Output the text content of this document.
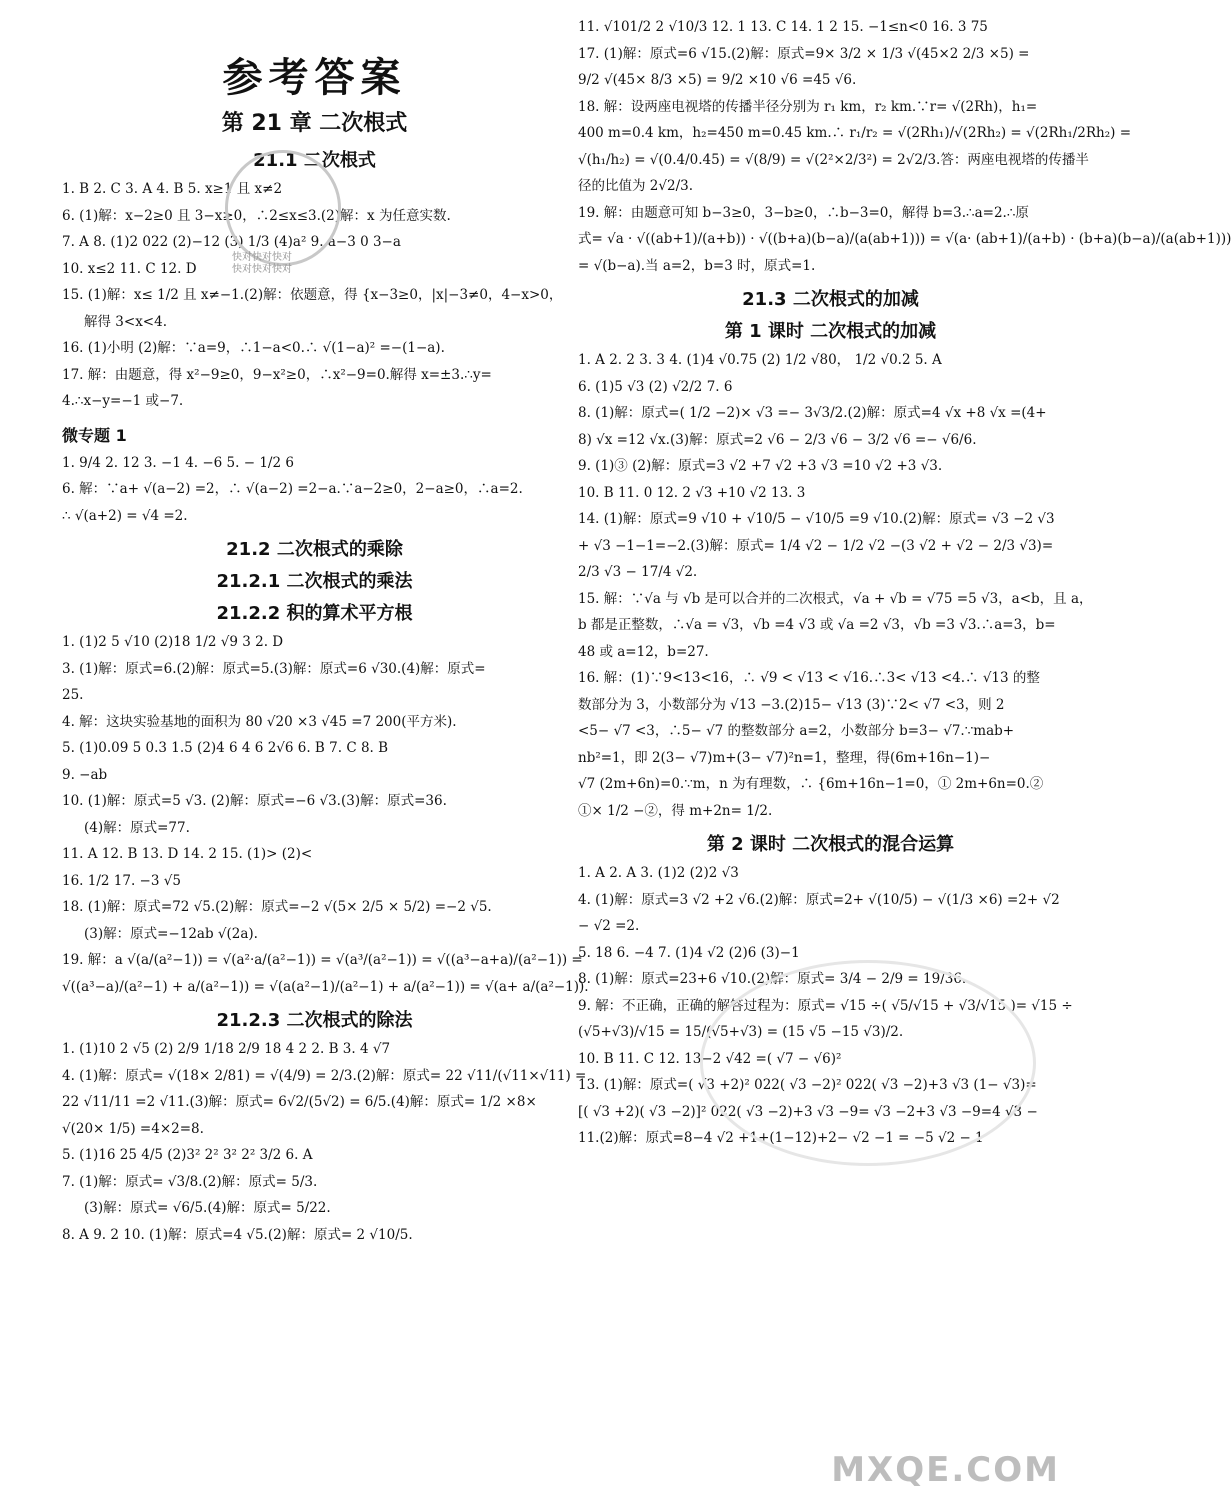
参考答案
第 21 章 二次根式
21.1 二次根式
1. B 2. C 3. A 4. B 5. x≥1 且 x≠2
6. (1)解：x−2≥0 且 3−x≥0，∴2≤x≤3.(2)解：x 为任意实数.
7. A 8. (1)2 022 (2)−12 (3) 1/3 (4)a² 9. a−3 0 3−a
10. x≤2 11. C 12. D
15. (1)解：x≤ 1/2 且 x≠−1.(2)解：依题意，得 {x−3≥0，|x|−3≠0，4−x>0，
解得 3<x<4.
16. (1)小明 (2)解：∵a=9，∴1−a<0.∴ √(1−a)² =−(1−a).
17. 解：由题意，得 x²−9≥0，9−x²≥0，∴x²−9=0.解得 x=±3.∴y=
4.∴x−y=−1 或−7.
微专题 1
1. 9/4 2. 12 3. −1 4. −6 5. − 1/2 6
6. 解：∵a+ √(a−2) =2，∴ √(a−2) =2−a.∵a−2≥0，2−a≥0，∴a=2.
∴ √(a+2) = √4 =2.
21.2 二次根式的乘除
21.2.1 二次根式的乘法
21.2.2 积的算术平方根
1. (1)2 5 √10 (2)18 1/2 √9 3 2. D
3. (1)解：原式=6.(2)解：原式=5.(3)解：原式=6 √30.(4)解：原式=
25.
4. 解：这块实验基地的面积为 80 √20 ×3 √45 =7 200(平方米).
5. (1)0.09 5 0.3 1.5 (2)4 6 4 6 2√6 6. B 7. C 8. B
9. −ab
10. (1)解：原式=5 √3. (2)解：原式=−6 √3.(3)解：原式=36.
(4)解：原式=77.
11. A 12. B 13. D 14. 2 15. (1)> (2)<
16. 1/2 17. −3 √5
18. (1)解：原式=72 √5.(2)解：原式=−2 √(5× 2/5 × 5/2) =−2 √5.
(3)解：原式=−12ab √(2a).
19. 解：a √(a/(a²−1)) = √(a²·a/(a²−1)) = √(a³/(a²−1)) = √((a³−a+a)/(a²−1)) =
√((a³−a)/(a²−1) + a/(a²−1)) = √(a(a²−1)/(a²−1) + a/(a²−1)) = √(a+ a/(a²−1)).
21.2.3 二次根式的除法
1. (1)10 2 √5 (2) 2/9 1/18 2/9 18 4 2 2. B 3. 4 √7
4. (1)解：原式= √(18× 2/81) = √(4/9) = 2/3.(2)解：原式= 22 √11/(√11×√11) =
22 √11/11 =2 √11.(3)解：原式= 6√2/(5√2) = 6/5.(4)解：原式= 1/2 ×8×
√(20× 1/5) =4×2=8.
5. (1)16 25 4/5 (2)3² 2² 3² 2² 3/2 6. A
7. (1)解：原式= √3/8.(2)解：原式= 5/3.
(3)解：原式= √6/5.(4)解：原式= 5/22.
8. A 9. 2 10. (1)解：原式=4 √5.(2)解：原式= 2 √10/5.
11. √101/2 2 √10/3 12. 1 13. C 14. 1 2 15. −1≤n<0 16. 3 75
17. (1)解：原式=6 √15.(2)解：原式=9× 3/2 × 1/3 √(45×2 2/3 ×5) =
9/2 √(45× 8/3 ×5) = 9/2 ×10 √6 =45 √6.
18. 解：设两座电视塔的传播半径分别为 r₁ km，r₂ km.∵r= √(2Rh)，h₁=
400 m=0.4 km，h₂=450 m=0.45 km.∴ r₁/r₂ = √(2Rh₁)/√(2Rh₂) = √(2Rh₁/2Rh₂) =
√(h₁/h₂) = √(0.4/0.45) = √(8/9) = √(2²×2/3²) = 2√2/3.答：两座电视塔的传播半
径的比值为 2√2/3.
19. 解：由题意可知 b−3≥0，3−b≥0，∴b−3=0，解得 b=3.∴a=2.∴原
式= √a · √((ab+1)/(a+b)) · √((b+a)(b−a)/(a(ab+1))) = √(a· (ab+1)/(a+b) · (b+a)(b−a)/(a(ab+1)))
= √(b−a).当 a=2，b=3 时，原式=1.
21.3 二次根式的加减
第 1 课时 二次根式的加减
1. A 2. 2 3. 3 4. (1)4 √0.75 (2) 1/2 √80， 1/2 √0.2 5. A
6. (1)5 √3 (2) √2/2 7. 6
8. (1)解：原式=( 1/2 −2)× √3 =− 3√3/2.(2)解：原式=4 √x +8 √x =(4+
8) √x =12 √x.(3)解：原式=2 √6 − 2/3 √6 − 3/2 √6 =− √6/6.
9. (1)③ (2)解：原式=3 √2 +7 √2 +3 √3 =10 √2 +3 √3.
10. B 11. 0 12. 2 √3 +10 √2 13. 3
14. (1)解：原式=9 √10 + √10/5 − √10/5 =9 √10.(2)解：原式= √3 −2 √3
+ √3 −1−1=−2.(3)解：原式= 1/4 √2 − 1/2 √2 −(3 √2 + √2 − 2/3 √3)=
2/3 √3 − 17/4 √2.
15. 解：∵√a 与 √b 是可以合并的二次根式，√a + √b = √75 =5 √3，a<b，且 a，
b 都是正整数，∴√a = √3，√b =4 √3 或 √a =2 √3，√b =3 √3.∴a=3，b=
48 或 a=12，b=27.
16. 解：(1)∵9<13<16，∴ √9 < √13 < √16.∴3< √13 <4.∴ √13 的整
数部分为 3，小数部分为 √13 −3.(2)15− √13 (3)∵2< √7 <3，则 2
<5− √7 <3，∴5− √7 的整数部分 a=2，小数部分 b=3− √7.∵mab+
nb²=1，即 2(3− √7)m+(3− √7)²n=1，整理，得(6m+16n−1)−
√7 (2m+6n)=0.∵m，n 为有理数，∴ {6m+16n−1=0，① 2m+6n=0.②
①× 1/2 −②，得 m+2n= 1/2.
第 2 课时 二次根式的混合运算
1. A 2. A 3. (1)2 (2)2 √3
4. (1)解：原式=3 √2 +2 √6.(2)解：原式=2+ √(10/5) − √(1/3 ×6) =2+ √2
− √2 =2.
5. 18 6. −4 7. (1)4 √2 (2)6 (3)−1
8. (1)解：原式=23+6 √10.(2)解：原式= 3/4 − 2/9 = 19/36.
9. 解：不正确，正确的解答过程为：原式= √15 ÷( √5/√15 + √3/√15 )= √15 ÷
(√5+√3)/√15 = 15/(√5+√3) = (15 √5 −15 √3)/2.
10. B 11. C 12. 13−2 √42 =( √7 − √6)²
13. (1)解：原式=( √3 +2)² 022( √3 −2)² 022( √3 −2)+3 √3 (1− √3)=
[( √3 +2)( √3 −2)]² 022( √3 −2)+3 √3 −9= √3 −2+3 √3 −9=4 √3 −
11.(2)解：原式=8−4 √2 +1+(1−12)+2− √2 −1 = −5 √2 − 1
快对快对快对
快对快对快对
MXQE.COM
